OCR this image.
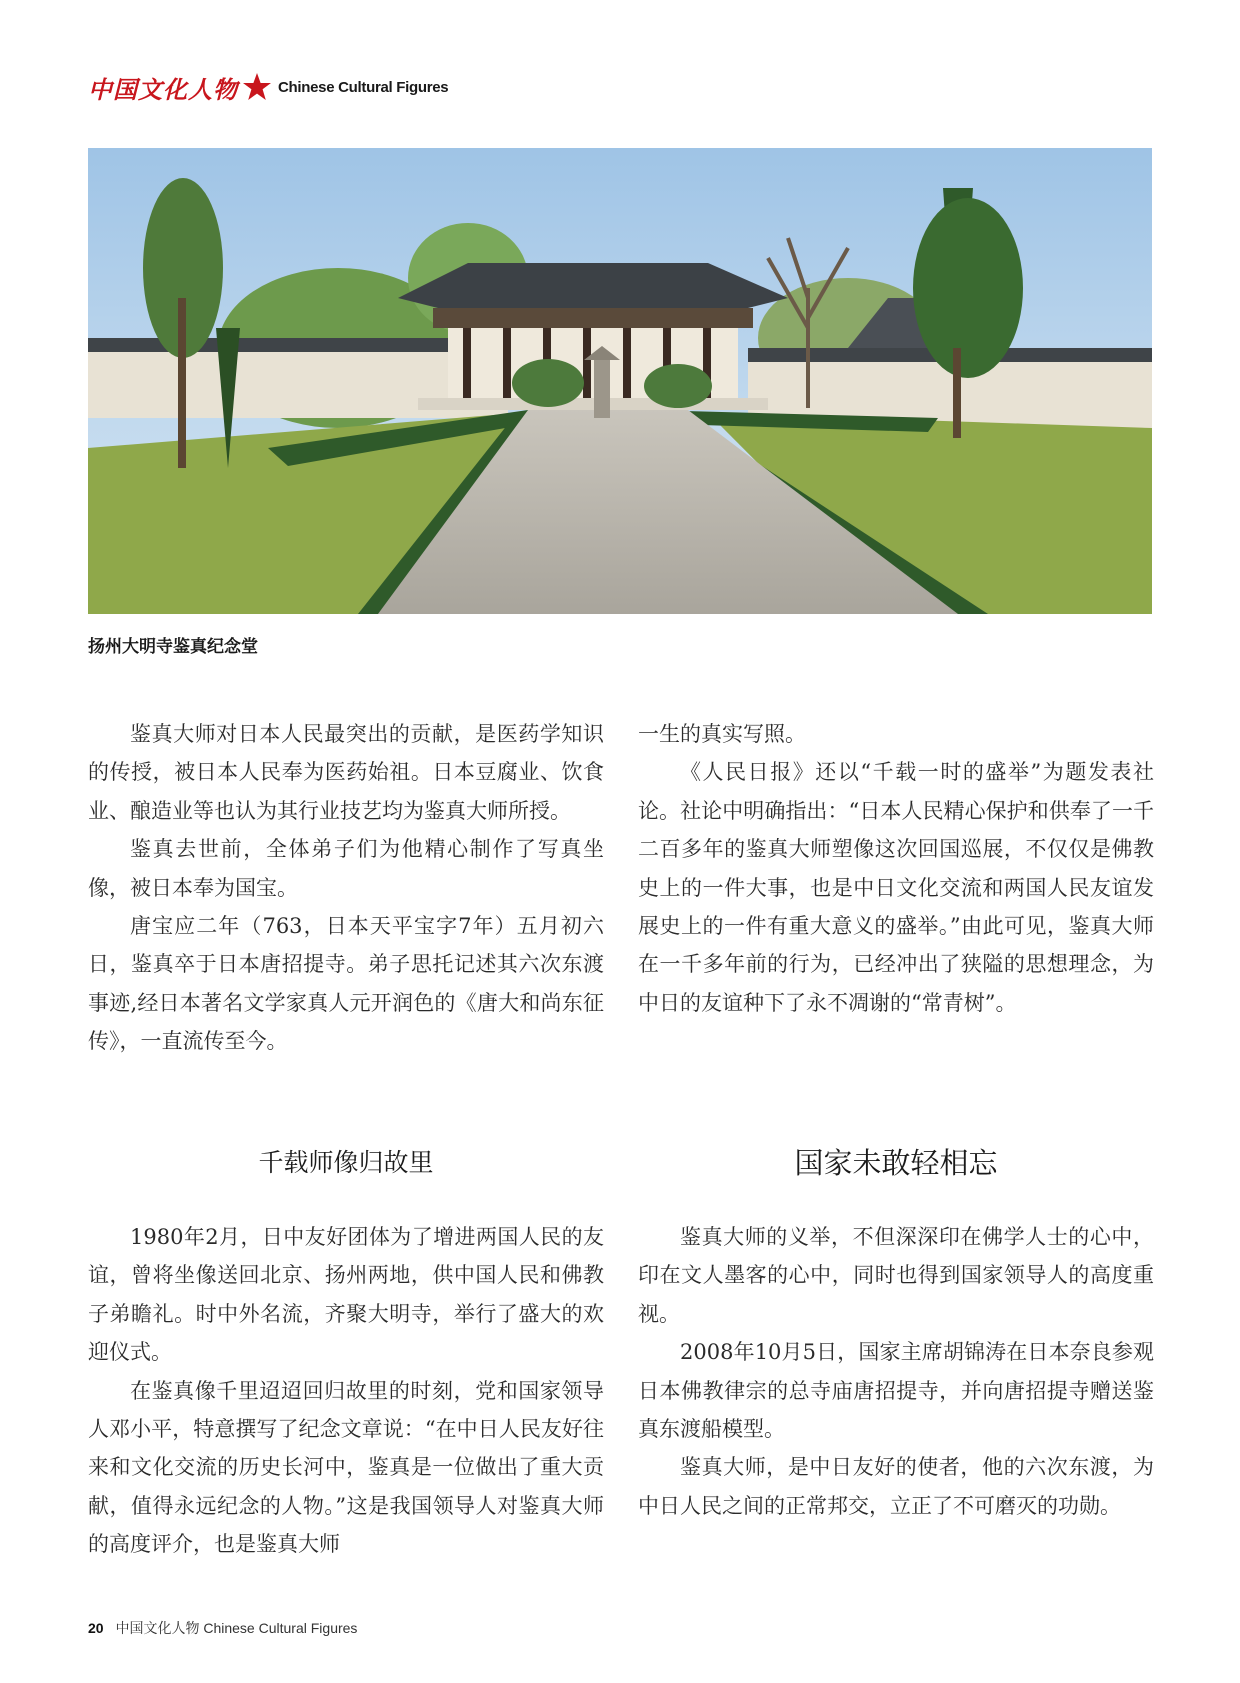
中国文化人物	Chinese Cultural Figures
扬州大明寺鉴真纪念堂

鉴真大师对日本人民最突出的贡献，是医药学知识的传授，被日本人民奉为医药始祖。日本豆腐业、饮食业、酿造业等也认为其行业技艺均为鉴真大师所授。

鉴真去世前，全体弟子们为他精心制作了写真坐像，被日本奉为国宝。

唐宝应二年（763，日本天平宝字7年）五月初六日，鉴真卒于日本唐招提寺。弟子思托记述其六次东渡事迹,经日本著名文学家真人元开润色的《唐大和尚东征传》，一直流传至今。

一生的真实写照。

《人民日报》还以“千载一时的盛举”为题发表社论。社论中明确指出：“日本人民精心保护和供奉了一千二百多年的鉴真大师塑像这次回国巡展，不仅仅是佛教史上的一件大事，也是中日文化交流和两国人民友谊发展史上的一件有重大意义的盛举。”由此可见，鉴真大师在一千多年前的行为，已经冲出了狭隘的思想理念，为中日的友谊种下了永不凋谢的“常青树”。

千载师像归故里	国家未敢轻相忘

1980年2月，日中友好团体为了增进两国人民的友谊，曾将坐像送回北京、扬州两地，供中国人民和佛教子弟瞻礼。时中外名流，齐聚大明寺，举行了盛大的欢迎仪式。

在鉴真像千里迢迢回归故里的时刻，党和国家领导人邓小平，特意撰写了纪念文章说：“在中日人民友好往来和文化交流的历史长河中，鉴真是一位做出了重大贡献，值得永远纪念的人物。”这是我国领导人对鉴真大师的高度评介，也是鉴真大师

鉴真大师的义举，不但深深印在佛学人士的心中，印在文人墨客的心中，同时也得到国家领导人的高度重视。

2008年10月5日，国家主席胡锦涛在日本奈良参观日本佛教律宗的总寺庙唐招提寺，并向唐招提寺赠送鉴真东渡船模型。

鉴真大师，是中日友好的使者，他的六次东渡，为中日人民之间的正常邦交，立正了不可磨灭的功勋。

20 中国文化人物 Chinese Cultural Figures
